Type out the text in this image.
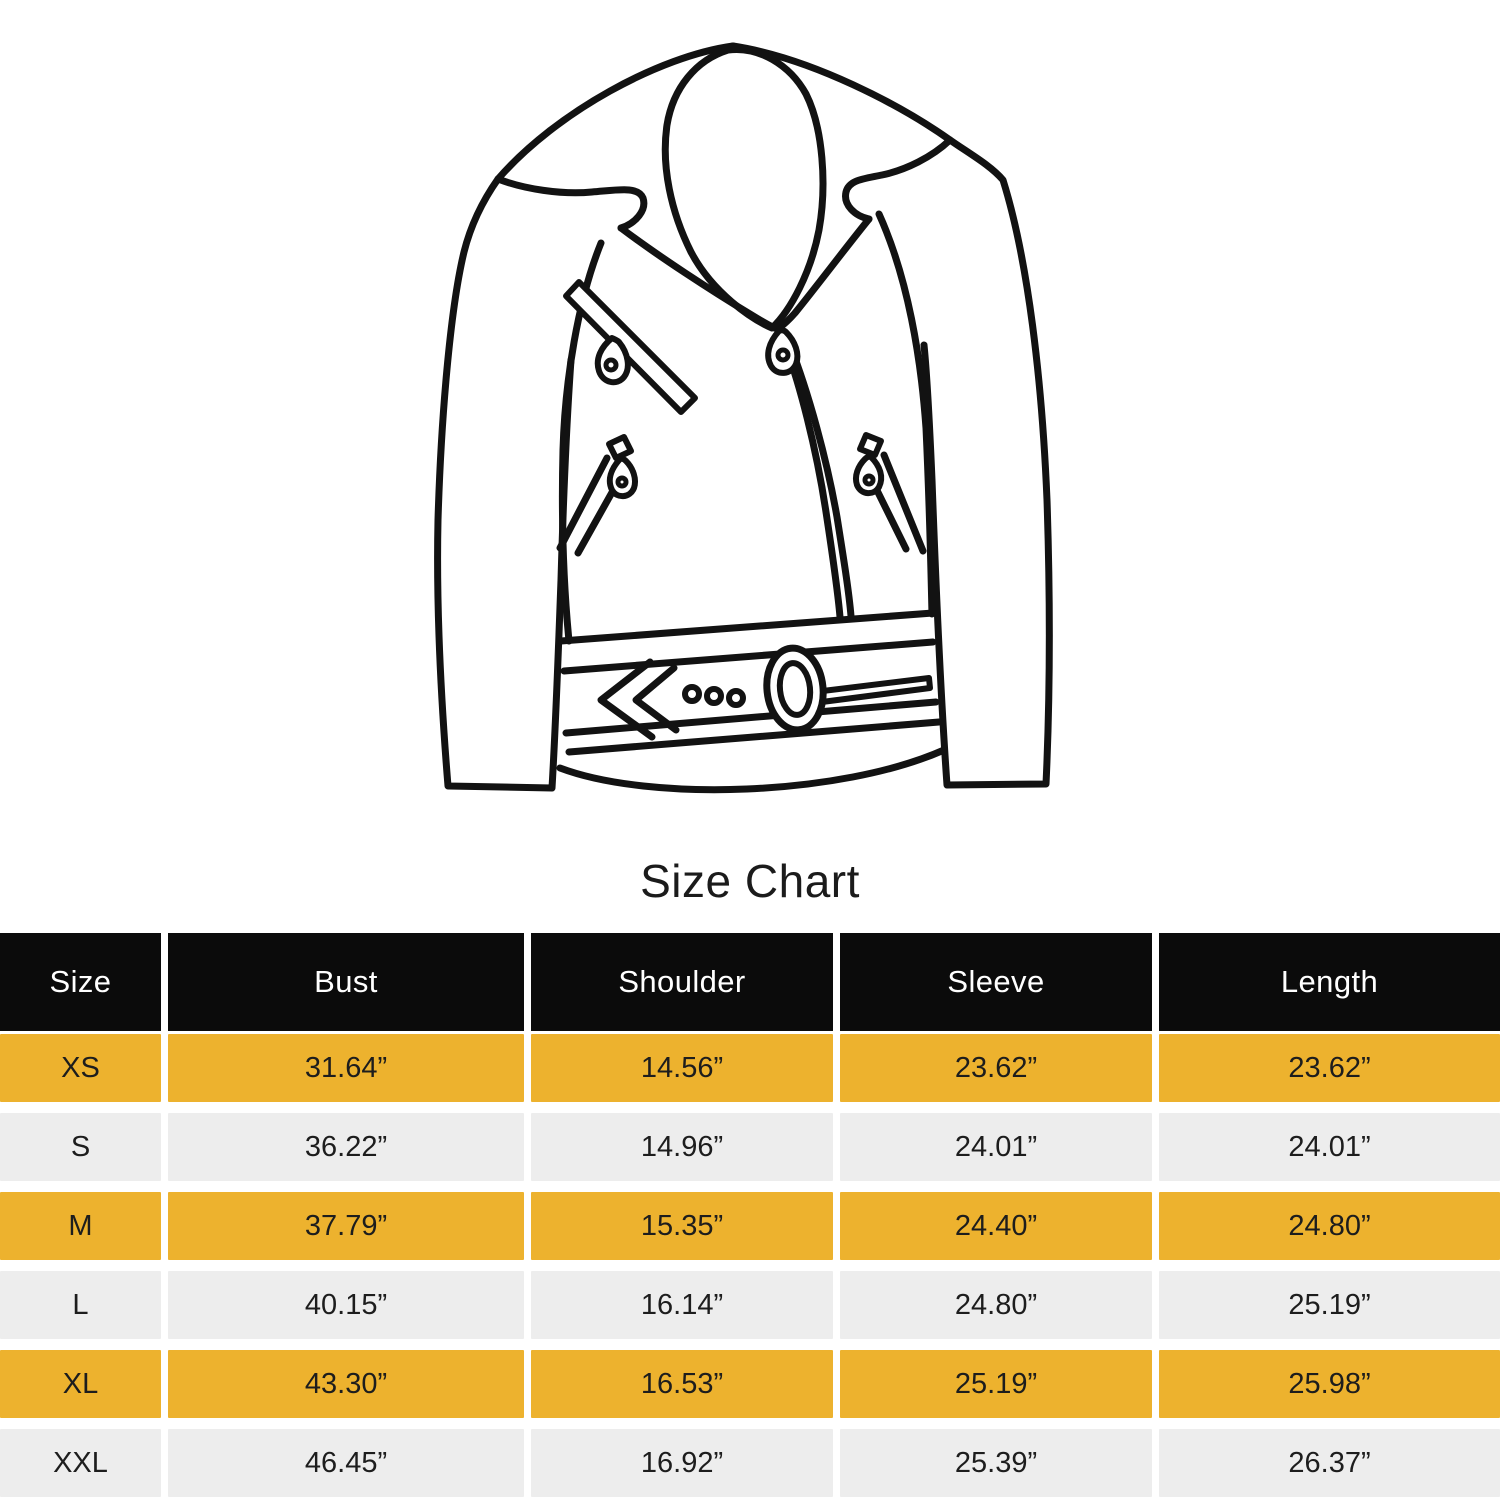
Size Chart
Size	Bust	Shoulder	Sleeve	Length
XS	31.64”	14.56”	23.62”	23.62”
S	36.22”	14.96”	24.01”	24.01”
M	37.79”	15.35”	24.40”	24.80”
L	40.15”	16.14”	24.80”	25.19”
XL	43.30”	16.53”	25.19”	25.98”
XXL	46.45”	16.92”	25.39”	26.37”
